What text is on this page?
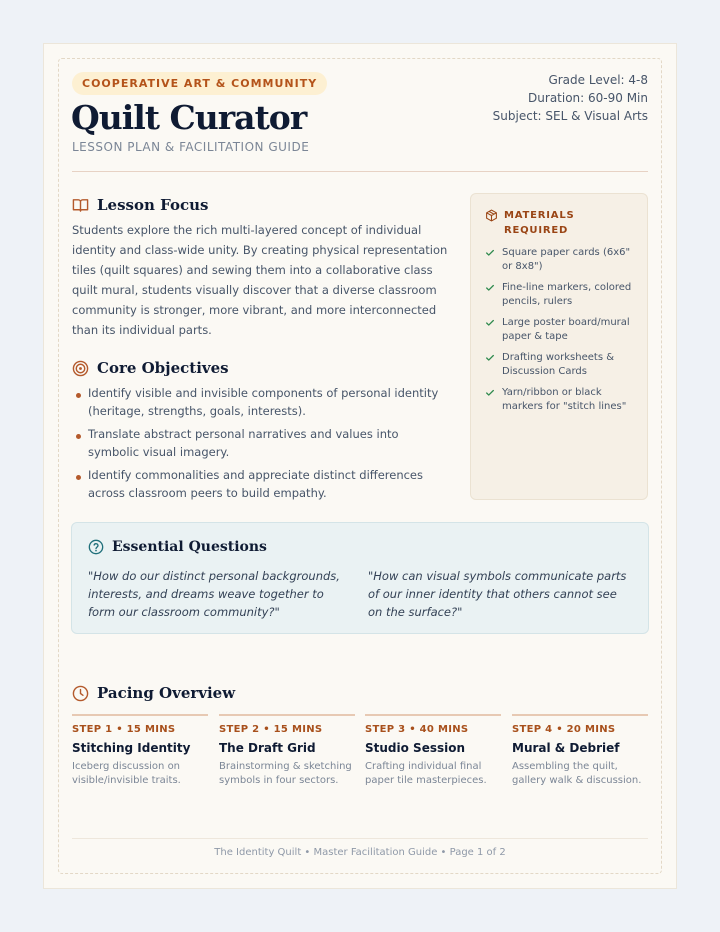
COOPERATIVE ART & COMMUNITY
Quilt Curator
LESSON PLAN & FACILITATION GUIDE
Grade Level: 4-8
Duration: 60-90 Min
Subject: SEL & Visual Arts
Lesson Focus
Students explore the rich multi-layered concept of individual identity and class-wide unity. By creating physical representation tiles (quilt squares) and sewing them into a collaborative class quilt mural, students visually discover that a diverse classroom community is stronger, more vibrant, and more interconnected than its individual parts.
Core Objectives
Identify visible and invisible components of personal identity (heritage, strengths, goals, interests).
Translate abstract personal narratives and values into symbolic visual imagery.
Identify commonalities and appreciate distinct differences across classroom peers to build empathy.
MATERIALS
REQUIRED
Square paper cards (6x6" or 8x8")
Fine-line markers, colored pencils, rulers
Large poster board/mural paper & tape
Drafting worksheets & Discussion Cards
Yarn/ribbon or black markers for "stitch lines"
Essential Questions
"How do our distinct personal backgrounds, interests, and dreams weave together to form our classroom community?"
"How can visual symbols communicate parts of our inner identity that others cannot see on the surface?"
Pacing Overview
STEP 1 • 15 MINS
Stitching Identity
Iceberg discussion on visible/invisible traits.
STEP 2 • 15 MINS
The Draft Grid
Brainstorming & sketching symbols in four sectors.
STEP 3 • 40 MINS
Studio Session
Crafting individual final paper tile masterpieces.
STEP 4 • 20 MINS
Mural & Debrief
Assembling the quilt, gallery walk & discussion.
The Identity Quilt • Master Facilitation Guide • Page 1 of 2
